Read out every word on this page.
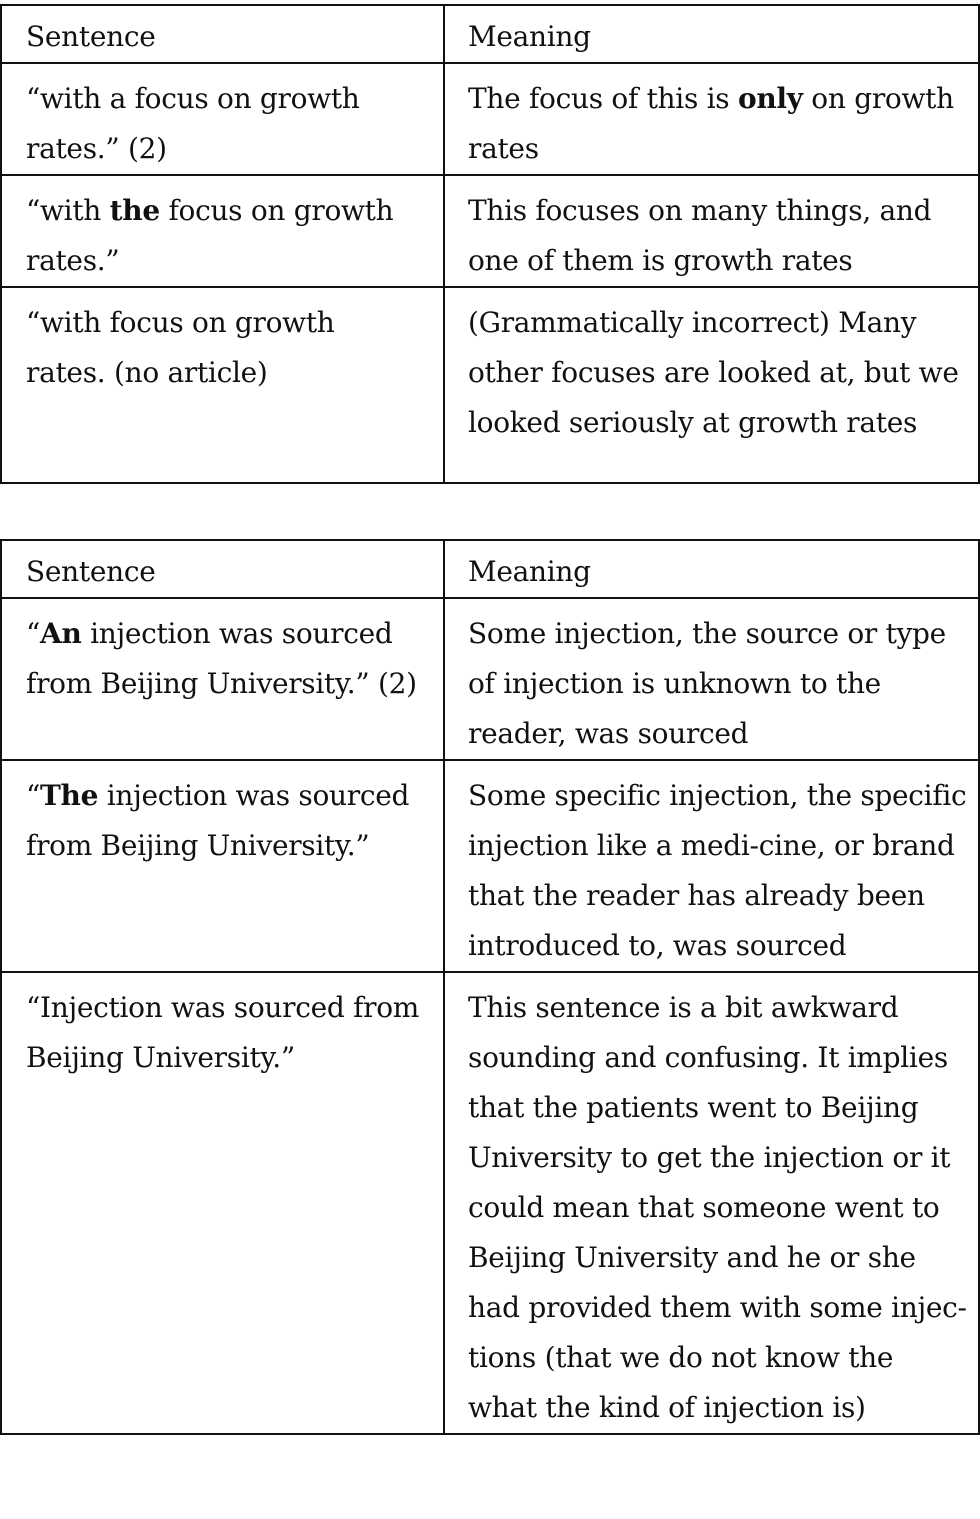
Sentence	Meaning
“with a focus on growth rates.” (2)	The focus of this is only on growth rates
“with the focus on growth rates.”	This focuses on many things, and one of them is growth rates
“with focus on growth rates. (no article)	(Grammatically incorrect) Many other focuses are looked at, but we looked seriously at growth rates
Sentence	Meaning
“An injection was sourced from Beijing University.” (2)	Some injection, the source or type of injection is unknown to the reader, was sourced
“The injection was sourced from Beijing University.”	Some specific injection, the specific injection like a medi-cine, or brand that the reader has already been introduced to, was sourced
“Injection was sourced from Beijing University.”	This sentence is a bit awkward sounding and confusing. It implies that the patients went to Beijing University to get the injection or it could mean that someone went to Beijing University and he or she had provided them with some injec-tions (that we do not know the what the kind of injection is)
